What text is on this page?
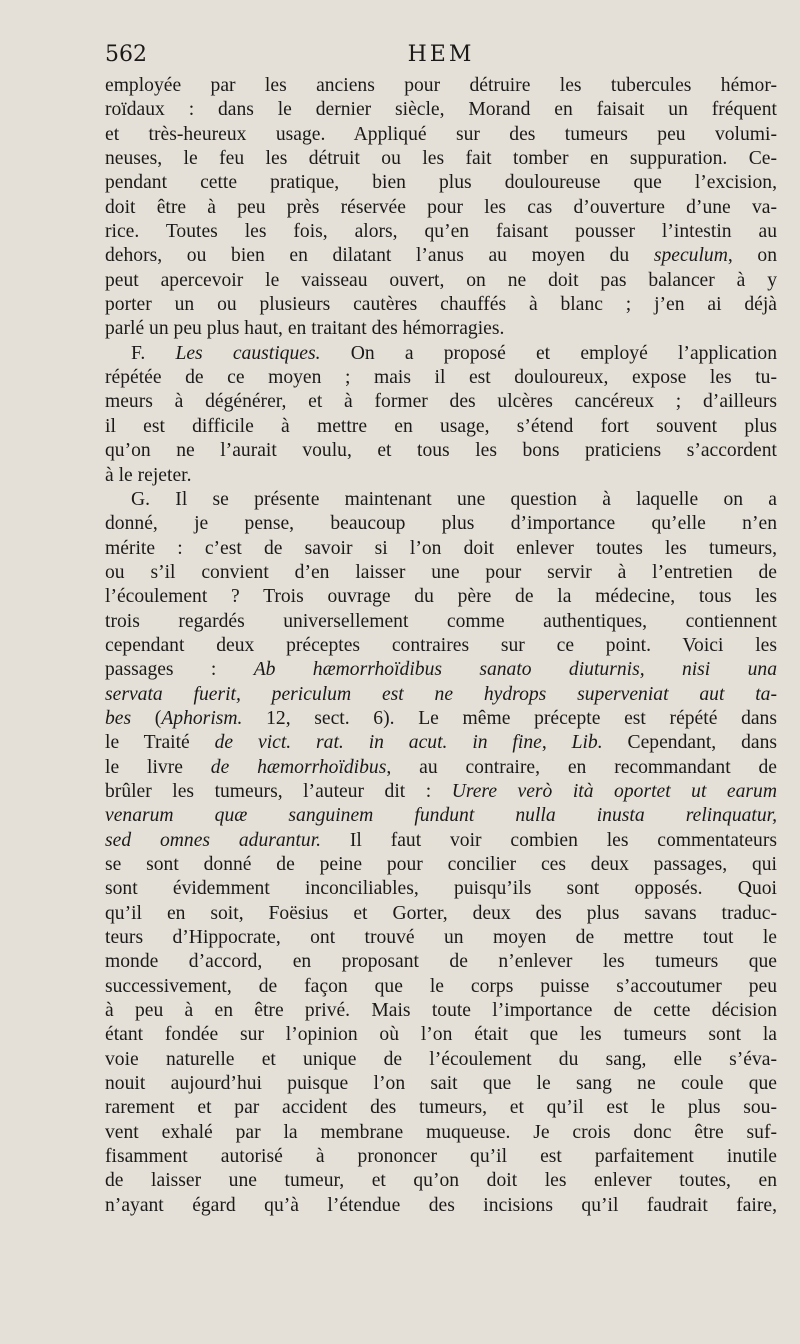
562	HEM
employée par les anciens pour détruire les tubercules hémor-
roïdaux : dans le dernier siècle, Morand en faisait un fréquent
et très-heureux usage. Appliqué sur des tumeurs peu volumi-
neuses, le feu les détruit ou les fait tomber en suppuration. Ce-
pendant cette pratique, bien plus douloureuse que l’excision,
doit être à peu près réservée pour les cas d’ouverture d’une va-
rice. Toutes les fois, alors, qu’en faisant pousser l’intestin au
dehors, ou bien en dilatant l’anus au moyen du speculum, on
peut apercevoir le vaisseau ouvert, on ne doit pas balancer à y
porter un ou plusieurs cautères chauffés à blanc ; j’en ai déjà
parlé un peu plus haut, en traitant des hémorragies.
F. Les caustiques. On a proposé et employé l’application
répétée de ce moyen ; mais il est douloureux, expose les tu-
meurs à dégénérer, et à former des ulcères cancéreux ; d’ailleurs
il est difficile à mettre en usage, s’étend fort souvent plus
qu’on ne l’aurait voulu, et tous les bons praticiens s’accordent
à le rejeter.
G. Il se présente maintenant une question à laquelle on a
donné, je pense, beaucoup plus d’importance qu’elle n’en
mérite : c’est de savoir si l’on doit enlever toutes les tumeurs,
ou s’il convient d’en laisser une pour servir à l’entretien de
l’écoulement ? Trois ouvrage du père de la médecine, tous les
trois regardés universellement comme authentiques, contiennent
cependant deux préceptes contraires sur ce point. Voici les
passages : Ab hæmorrhoïdibus sanato diuturnis, nisi una
servata fuerit, periculum est ne hydrops superveniat aut ta-
bes (Aphorism. 12, sect. 6). Le même précepte est répété dans
le Traité de vict. rat. in acut. in fine, Lib. Cependant, dans
le livre de hæmorrhoïdibus, au contraire, en recommandant de
brûler les tumeurs, l’auteur dit : Urere verò ità oportet ut earum
venarum quæ sanguinem fundunt nulla inusta relinquatur,
sed omnes adurantur. Il faut voir combien les commentateurs
se sont donné de peine pour concilier ces deux passages, qui
sont évidemment inconciliables, puisqu’ils sont opposés. Quoi
qu’il en soit, Foësius et Gorter, deux des plus savans traduc-
teurs d’Hippocrate, ont trouvé un moyen de mettre tout le
monde d’accord, en proposant de n’enlever les tumeurs que
successivement, de façon que le corps puisse s’accoutumer peu
à peu à en être privé. Mais toute l’importance de cette décision
étant fondée sur l’opinion où l’on était que les tumeurs sont la
voie naturelle et unique de l’écoulement du sang, elle s’éva-
nouit aujourd’hui puisque l’on sait que le sang ne coule que
rarement et par accident des tumeurs, et qu’il est le plus sou-
vent exhalé par la membrane muqueuse. Je crois donc être suf-
fisamment autorisé à prononcer qu’il est parfaitement inutile
de laisser une tumeur, et qu’on doit les enlever toutes, en
n’ayant égard qu’à l’étendue des incisions qu’il faudrait faire,
